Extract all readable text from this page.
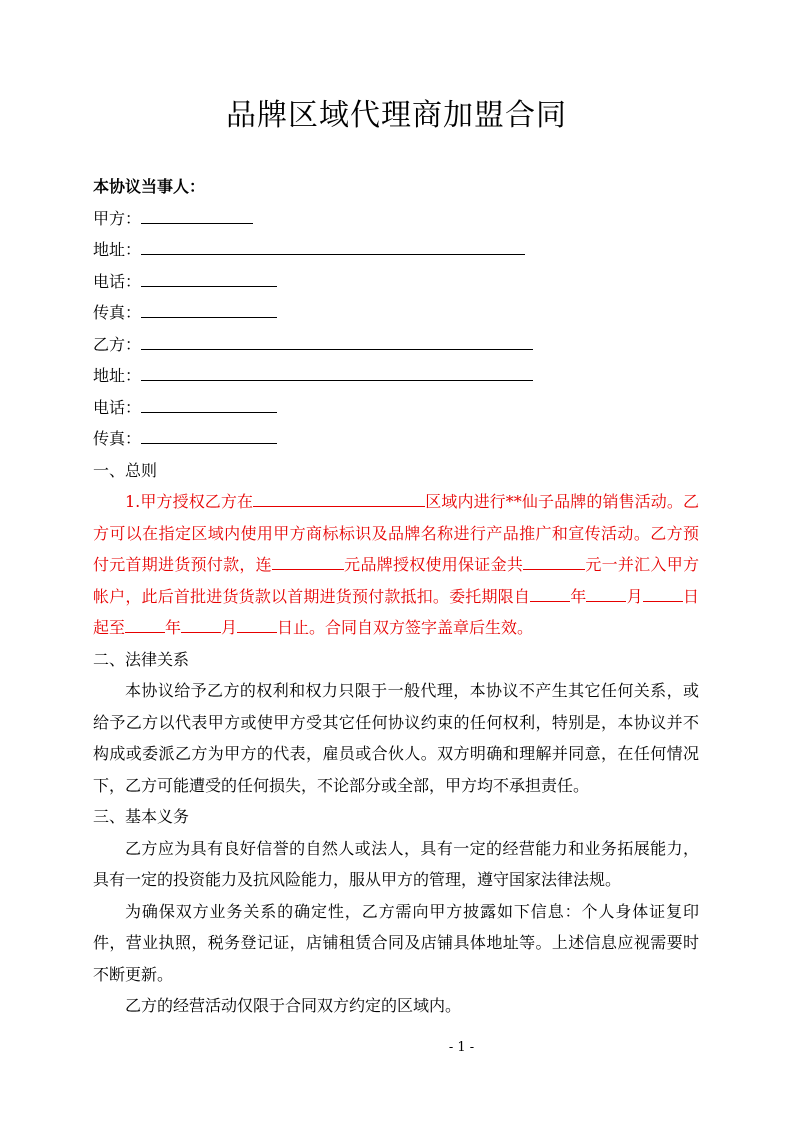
品牌区域代理商加盟合同
本协议当事人：
甲方：
地址：
电话：
传真：
乙方：
地址：
电话：
传真：
一、总则

1.甲方授权乙方在	区域内进行**仙子品牌的销售活动。乙方可以在指定区域内使用甲方商标标识及品牌名称进行产品推广和宣传活动。乙方预付元首期进货预付款，连	元品牌授权使用保证金共	元一并汇入甲方帐户，此后首批进货货款以首期进货预付款抵扣。委托期限自	年	月	日起至	年	月	日止。合同自双方签字盖章后生效。

二、法律关系

本协议给予乙方的权利和权力只限于一般代理，本协议不产生其它任何关系，或给予乙方以代表甲方或使甲方受其它任何协议约束的任何权利，特别是，本协议并不构成或委派乙方为甲方的代表，雇员或合伙人。双方明确和理解并同意，在任何情况下，乙方可能遭受的任何损失，不论部分或全部，甲方均不承担责任。

三、基本义务

乙方应为具有良好信誉的自然人或法人，具有一定的经营能力和业务拓展能力，具有一定的投资能力及抗风险能力，服从甲方的管理，遵守国家法律法规。

为确保双方业务关系的确定性，乙方需向甲方披露如下信息：个人身体证复印件，营业执照，税务登记证，店铺租赁合同及店铺具体地址等。上述信息应视需要时不断更新。

乙方的经营活动仅限于合同双方约定的区域内。

- 1 -
